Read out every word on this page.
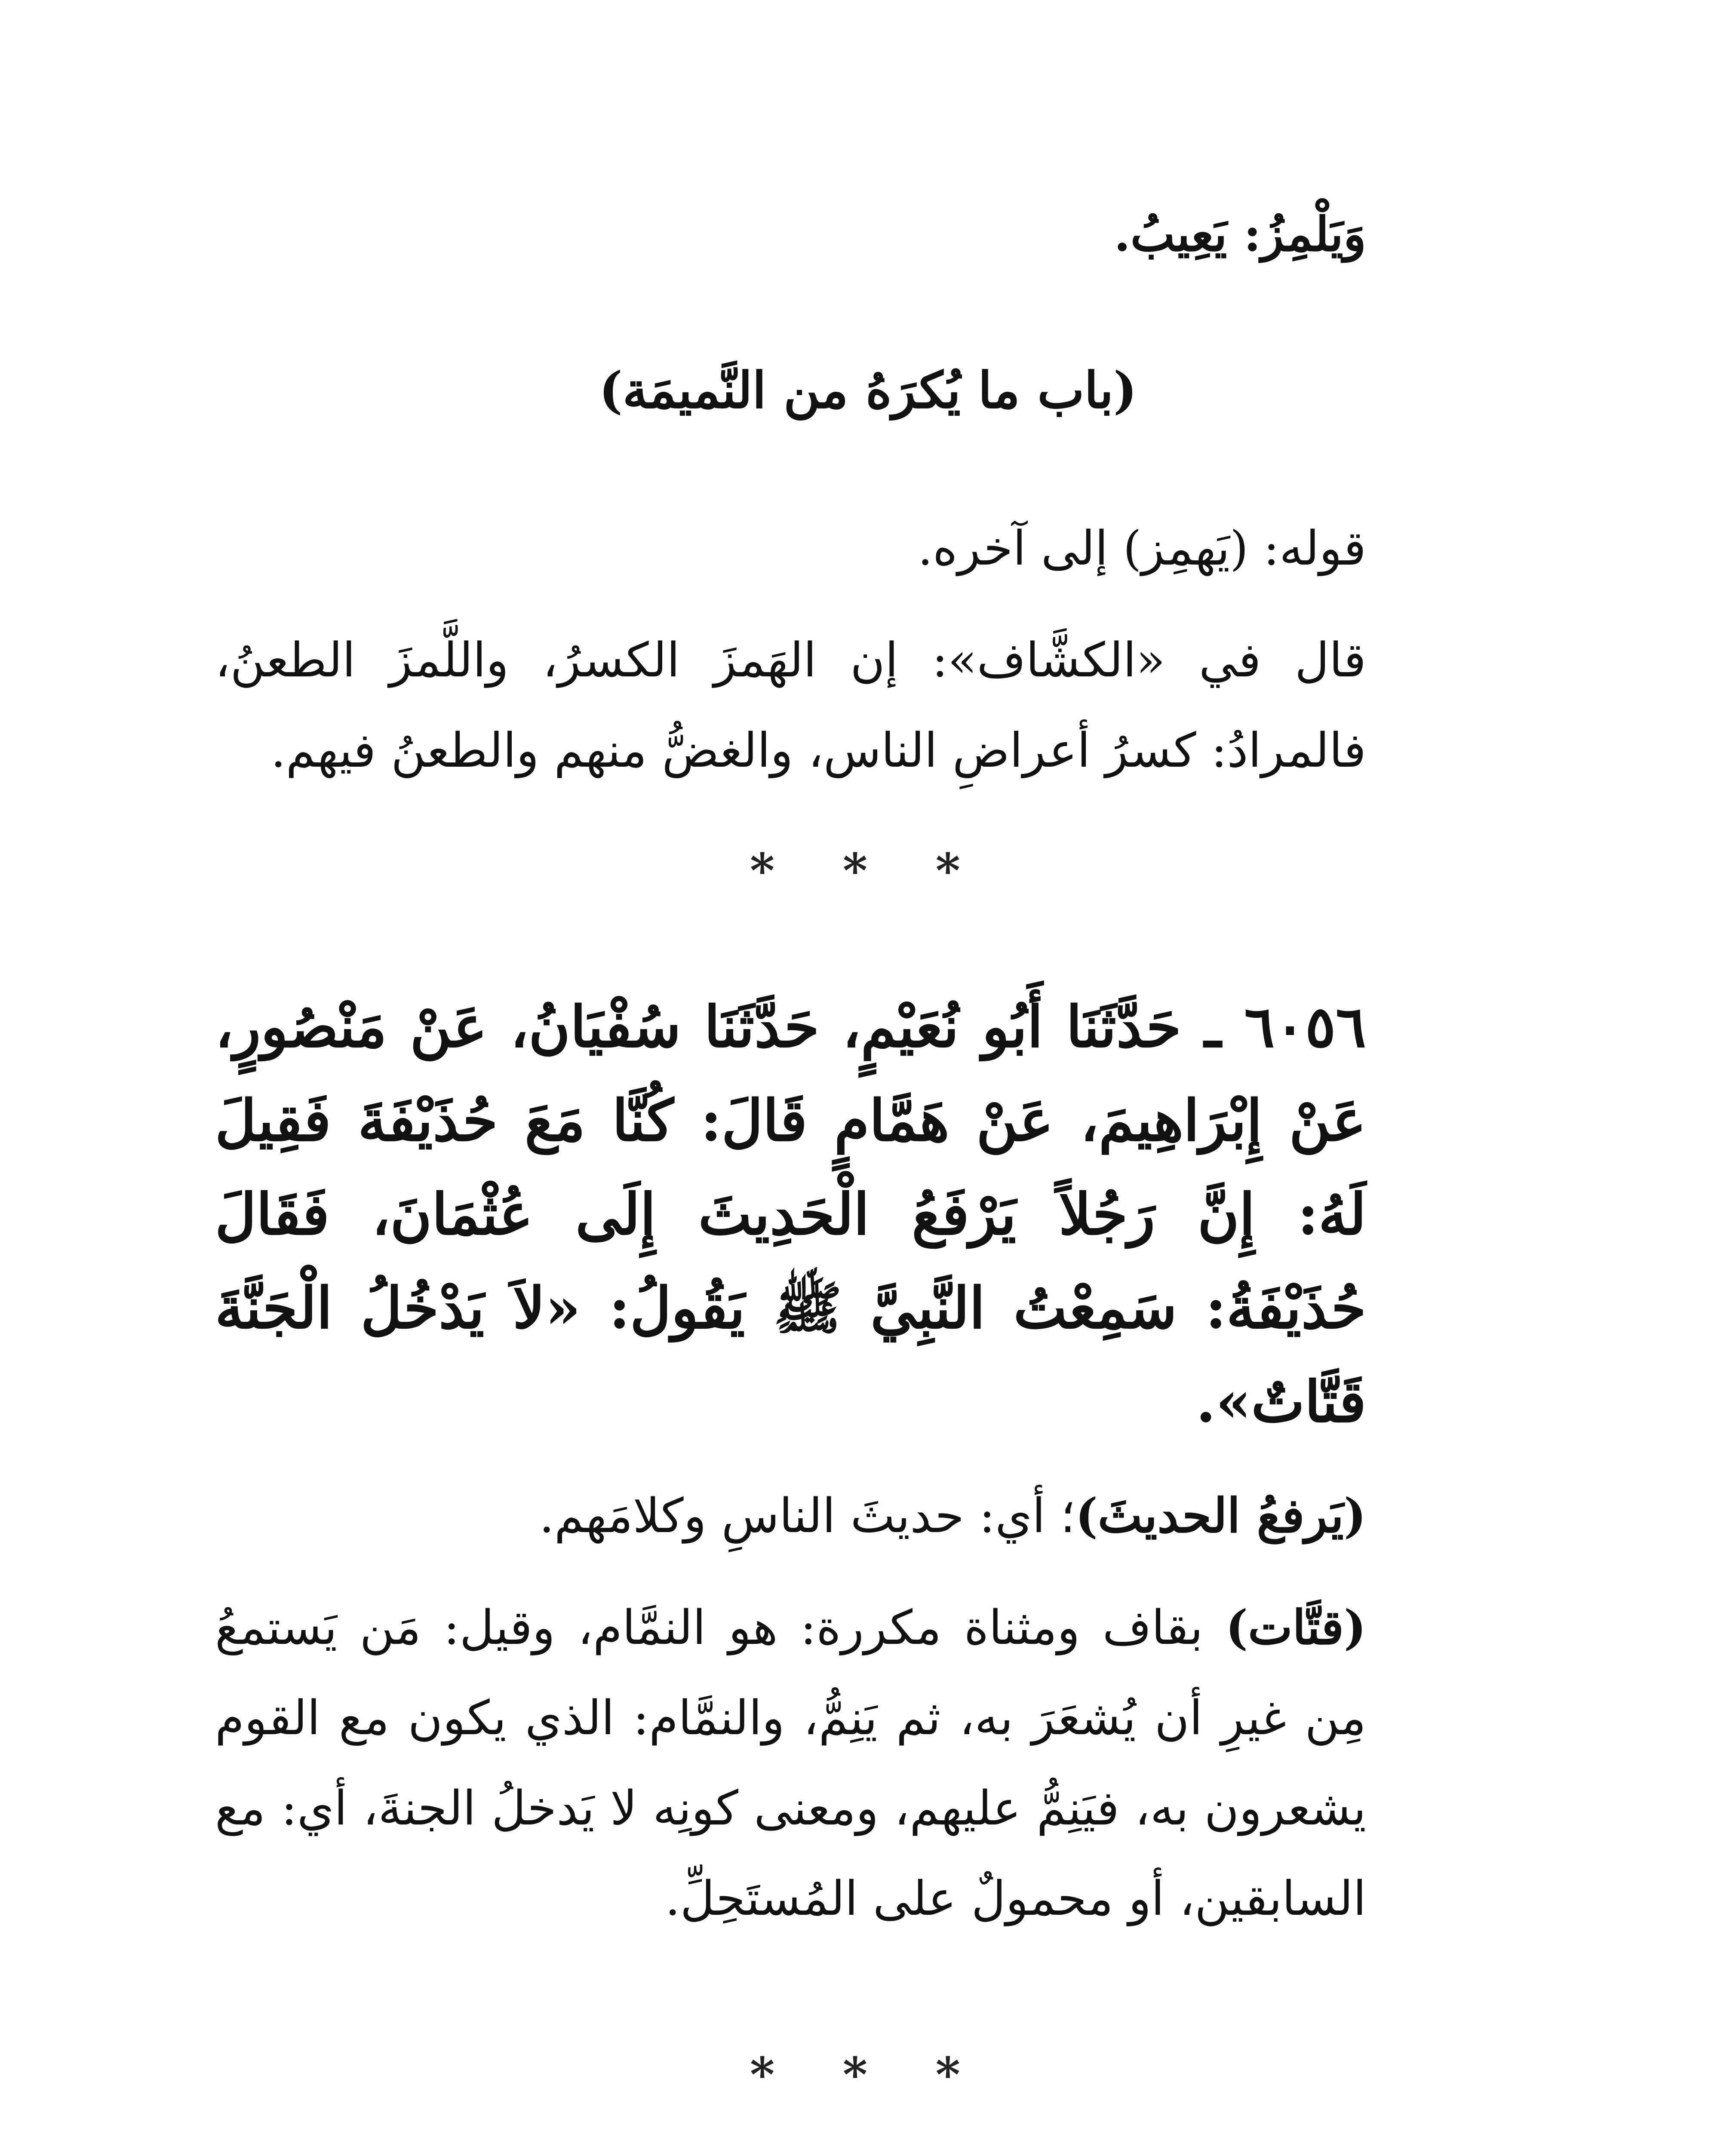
وَيَلْمِزُ: يَعِيبُ.

(باب ما يُكرَهُ من النَّميمَة)

قوله: (يَهمِز) إلى آخره.

قال في «الكشَّاف»: إن الهَمزَ الكسرُ، واللَّمزَ الطعنُ، فالمرادُ: كسرُ أعراضِ الناس، والغضُّ منهم والطعنُ فيهم.

* * *

٦٠٥٦ ـ حَدَّثَنَا أَبُو نُعَيْمٍ، حَدَّثَنَا سُفْيَانُ، عَنْ مَنْصُورٍ، عَنْ إِبْرَاهِيمَ، عَنْ هَمَّامٍ قَالَ: كُنَّا مَعَ حُذَيْفَةَ فَقِيلَ لَهُ: إِنَّ رَجُلاً يَرْفَعُ الْحَدِيثَ إِلَى عُثْمَانَ، فَقَالَ حُذَيْفَةُ: سَمِعْتُ النَّبِيَّ ﷺ يَقُولُ: «لاَ يَدْخُلُ الْجَنَّةَ قَتَّاتٌ».

(يَرفعُ الحديثَ)؛ أي: حديثَ الناسِ وكلامَهم.

(قتَّات) بقاف ومثناة مكررة: هو النمَّام، وقيل: مَن يَستمعُ مِن غيرِ أن يُشعَرَ به، ثم يَنِمُّ، والنمَّام: الذي يكون مع القوم يشعرون به، فيَنِمُّ عليهم، ومعنى كونِه لا يَدخلُ الجنةَ، أي: مع السابقين، أو محمولٌ على المُستَحِلِّ.

* * *
